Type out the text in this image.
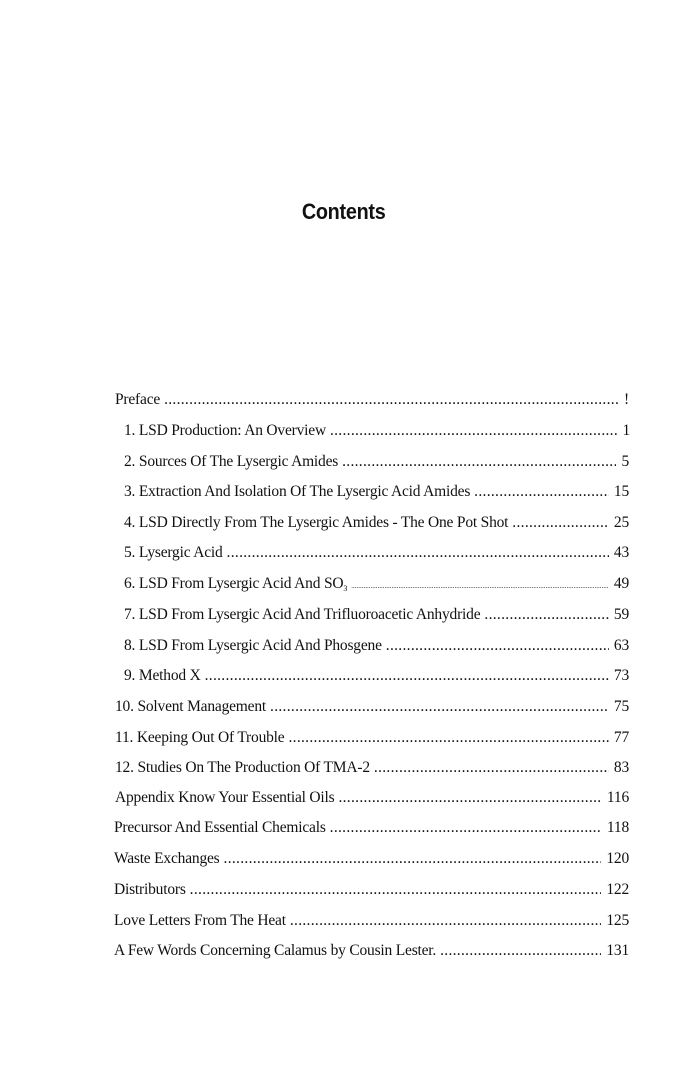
Contents
Preface .....	!
1. LSD Production: An Overview .....	1
2. Sources Of The Lysergic Amides .....	5
3. Extraction And Isolation Of The Lysergic Acid Amides .....	15
4. LSD Directly From The Lysergic Amides - The One Pot Shot .....	25
5. Lysergic Acid .....	43
6. LSD From Lysergic Acid And $SO_3$ .....	49
7. LSD From Lysergic Acid And Trifluoroacetic Anhydride .....	59
8. LSD From Lysergic Acid And Phosgene .....	63
9. Method X .....	73
10. Solvent Management .....	75
11. Keeping Out Of Trouble .....	77
12. Studies On The Production Of TMA-2 .....	83
Appendix Know Your Essential Oils .....	116
Precursor And Essential Chemicals .....	118
Waste Exchanges .....	120
Distributors .....	122
Love Letters From The Heat .....	125
A Few Words Concerning Calamus by Cousin Lester. .....	131
